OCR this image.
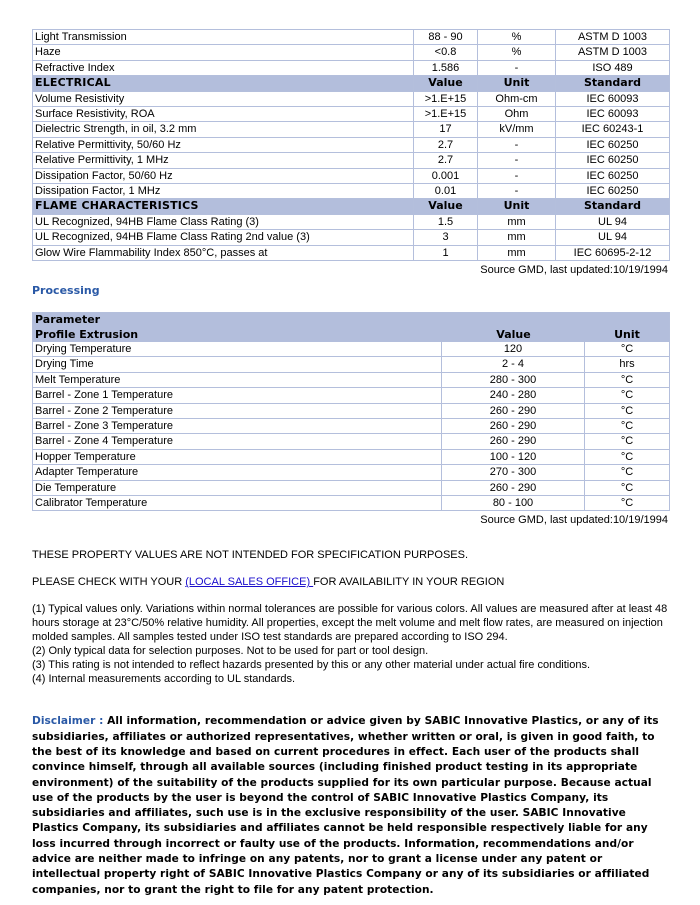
Light Transmission	88 - 90	%	ASTM D 1003
Haze	<0.8	%	ASTM D 1003
Refractive Index	1.586	-	ISO 489
ELECTRICAL	Value	Unit	Standard
Volume Resistivity	>1.E+15	Ohm-cm	IEC 60093
Surface Resistivity, ROA	>1.E+15	Ohm	IEC 60093
Dielectric Strength, in oil, 3.2 mm	17	kV/mm	IEC 60243-1
Relative Permittivity, 50/60 Hz	2.7	-	IEC 60250
Relative Permittivity, 1 MHz	2.7	-	IEC 60250
Dissipation Factor, 50/60 Hz	0.001	-	IEC 60250
Dissipation Factor, 1 MHz	0.01	-	IEC 60250
FLAME CHARACTERISTICS	Value	Unit	Standard
UL Recognized, 94HB Flame Class Rating (3)	1.5	mm	UL 94
UL Recognized, 94HB Flame Class Rating 2nd value (3)	3	mm	UL 94
Glow Wire Flammability Index 850°C, passes at	1	mm	IEC 60695-2-12
Source GMD, last updated:10/19/1994
Processing
Parameter		
Profile Extrusion	Value	Unit
Drying Temperature	120	°C
Drying Time	2 - 4	hrs
Melt Temperature	280 - 300	°C
Barrel - Zone 1 Temperature	240 - 280	°C
Barrel - Zone 2 Temperature	260 - 290	°C
Barrel - Zone 3 Temperature	260 - 290	°C
Barrel - Zone 4 Temperature	260 - 290	°C
Hopper Temperature	100 - 120	°C
Adapter Temperature	270 - 300	°C
Die Temperature	260 - 290	°C
Calibrator Temperature	80 - 100	°C
Source GMD, last updated:10/19/1994
THESE PROPERTY VALUES ARE NOT INTENDED FOR SPECIFICATION PURPOSES.
PLEASE CHECK WITH YOUR (LOCAL SALES OFFICE) FOR AVAILABILITY IN YOUR REGION

(1) Typical values only. Variations within normal tolerances are possible for various colors. All values are measured after at least 48 hours storage at 23°C/50% relative humidity. All properties, except the melt volume and melt flow rates, are measured on injection molded samples. All samples tested under ISO test standards are prepared according to ISO 294.

(2) Only typical data for selection purposes. Not to be used for part or tool design.

(3) This rating is not intended to reflect hazards presented by this or any other material under actual fire conditions.

(4) Internal measurements according to UL standards.

Disclaimer : All information, recommendation or advice given by SABIC Innovative Plastics, or any of its subsidiaries, affiliates or authorized representatives, whether written or oral, is given in good faith, to the best of its knowledge and based on current procedures in effect. Each user of the products shall convince himself, through all available sources (including finished product testing in its appropriate environment) of the suitability of the products supplied for its own particular purpose. Because actual use of the products by the user is beyond the control of SABIC Innovative Plastics Company, its subsidiaries and affiliates, such use is in the exclusive responsibility of the user. SABIC Innovative Plastics Company, its subsidiaries and affiliates cannot be held responsible respectively liable for any loss incurred through incorrect or faulty use of the products. Information, recommendations and/or advice are neither made to infringe on any patents, nor to grant a license under any patent or intellectual property right of SABIC Innovative Plastics Company or any of its subsidiaries or affiliated companies, nor to grant the right to file for any patent protection.
